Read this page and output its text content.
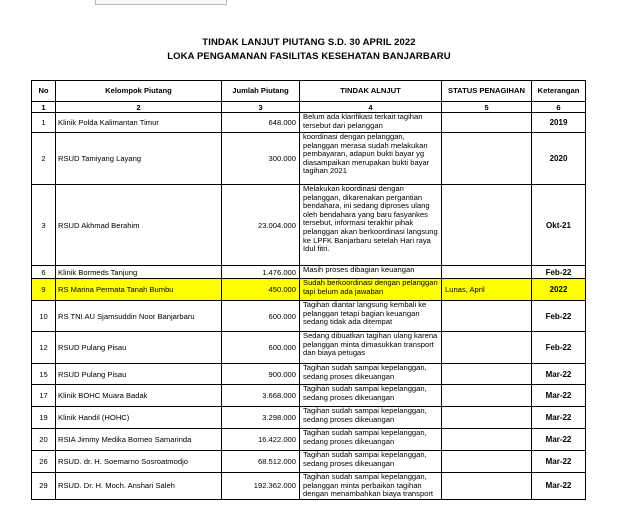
TINDAK LANJUT PIUTANG S.D. 30 APRIL 2022
LOKA PENGAMANAN FASILITAS KESEHATAN BANJARBARU
No	Kelompok Piutang	Jumlah Piutang	TINDAK ALNJUT	STATUS PENAGIHAN	Keterangan
1	2	3	4	5	6
1	Klinik Polda Kalimantan Timur	648.000	Belum ada klarifikasi terkait tagihan tersebut dari pelanggan		2019
2	RSUD Tamiyang Layang	300.000	koordinasi dengan pelanggan, pelanggan merasa sudah melakukan pembayaran, adapun bukti bayar yg diasampaikan merupakan bukti bayar tagihan 2021		2020
3	RSUD Akhmad Berahim	23.004.000	Melakukan koordinasi dengan pelanggan, dikarenakan pergantian bendahara, ini sedang diproses ulang oleh bendahara yang baru fasyankes tersebut, informasi terakhir pihak pelanggan akan berkoordinasi langsung ke LPFK Banjarbaru setelah Hari raya Idul fitri.		Okt-21
6	Klinik Bormeds Tanjung	1.476.000	Masih proses dibagian keuangan		Feb-22
9	RS Marina Permata Tanah Bumbu	450.000	Sudah berkoordinasi dengan pelanggan tapi belum ada jawaban	Lunas, April	2022
10	RS TNI AU Sjamsuddin Noor Banjarbaru	600.000	Tagihan diantar langsung kembali ke pelanggan tetapi bagian keuangan sedang tidak ada ditempat		Feb-22
12	RSUD Pulang Pisau	600.000	Sedang dibuatkan tagihan ulang karena pelanggan minta dimasukkan transport dan biaya petugas		Feb-22
15	RSUD Pulang Pisau	900.000	Tagihan sudah sampai kepelanggan, sedang proses dikeuangan		Mar-22
17	Klinik BOHC Muara Badak	3.668.000	Tagihan sudah sampai kepelanggan, sedang proses dikeuangan		Mar-22
19	Klinik Handil (HOHC)	3.298.000	Tagihan sudah sampai kepelanggan, sedang proses dikeuangan		Mar-22
20	RSIA Jimmy Medika Borneo Samarinda	16.422.000	Tagihan sudah sampai kepelanggan, sedang proses dikeuangan		Mar-22
26	RSUD. dr. H. Soemarno Sosroatmodjo	68.512.000	Tagihan sudah sampai kepelanggan, sedang proses dikeuangan		Mar-22
29	RSUD. Dr. H. Moch. Anshari Saleh	192.362.000	Tagihan sudah sampai kepelanggan, pelanggan minta perbaikan tagihan dengan menambahkan biaya transport		Mar-22
